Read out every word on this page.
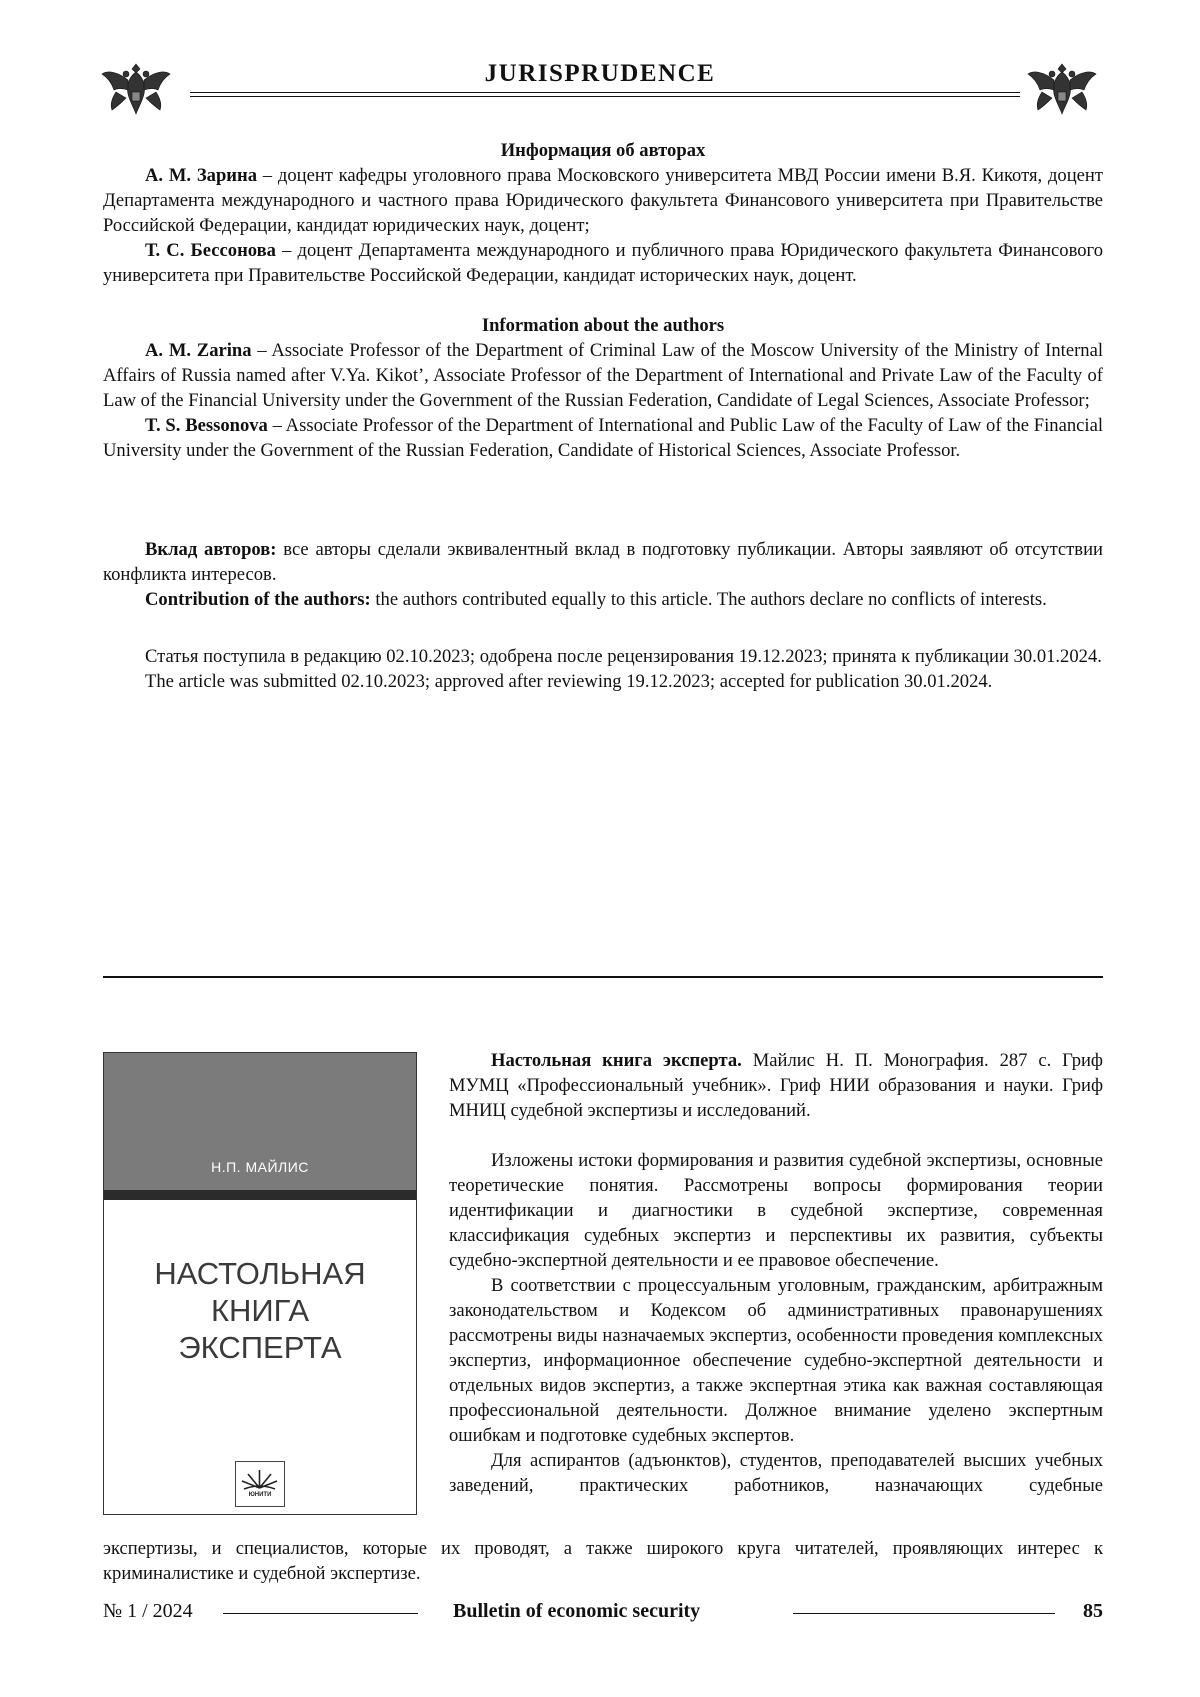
JURISPRUDENCE
Информация об авторах

А. М. Зарина – доцент кафедры уголовного права Московского университета МВД России имени В.Я. Кикотя, доцент Департамента международного и частного права Юридического факультета Финансового университета при Правительстве Российской Федерации, кандидат юридических наук, доцент;

Т. С. Бессонова – доцент Департамента международного и публичного права Юридического факультета Финансового университета при Правительстве Российской Федерации, кандидат исторических наук, доцент.

Information about the authors

A. M. Zarina – Associate Professor of the Department of Criminal Law of the Moscow University of the Ministry of Internal Affairs of Russia named after V.Ya. Kikot’, Associate Professor of the Department of International and Private Law of the Faculty of Law of the Financial University under the Government of the Russian Federation, Candidate of Legal Sciences, Associate Professor;

T. S. Bessonova – Associate Professor of the Department of International and Public Law of the Faculty of Law of the Financial University under the Government of the Russian Federation, Candidate of Historical Sciences, Associate Professor.

Вклад авторов: все авторы сделали эквивалентный вклад в подготовку публикации. Авторы заявляют об отсутствии конфликта интересов.

Contribution of the authors: the authors contributed equally to this article. The authors declare no conflicts of interests.

Статья поступила в редакцию 02.10.2023; одобрена после рецензирования 19.12.2023; принята к публикации 30.01.2024.

The article was submitted 02.10.2023; approved after reviewing 19.12.2023; accepted for publication 30.01.2024.

Н.П. МАЙЛИС
НАСТОЛЬНАЯ
КНИГА
ЭКСПЕРТА
ЮНИТИ

Настольная книга эксперта. Майлис Н. П. Монография. 287 с. Гриф МУМЦ «Профессиональный учебник». Гриф НИИ образования и науки. Гриф МНИЦ судебной экспертизы и исследований.

Изложены истоки формирования и развития судебной экспертизы, основные теоретические понятия. Рассмотрены вопросы формирования теории идентификации и диагностики в судебной экспертизе, современная классификация судебных экспертиз и перспективы их развития, субъекты судебно-экспертной деятельности и ее правовое обеспечение.

В соответствии с процессуальным уголовным, гражданским, арбитражным законодательством и Кодексом об административных правонарушениях рассмотрены виды назначаемых экспертиз, особенности проведения комплексных экспертиз, информационное обеспечение судебно-экспертной деятельности и отдельных видов экспертиз, а также экспертная этика как важная составляющая профессиональной деятельности. Должное внимание уделено экспертным ошибкам и подготовке судебных экспертов.

Для аспирантов (адъюнктов), студентов, преподавателей высших учебных заведений, практических работников, назначающих судебные

экспертизы, и специалистов, которые их проводят, а также широкого круга читателей, проявляющих интерес к криминалистике и судебной экспертизе.

№ 1 / 2024	Bulletin of economic security	85
